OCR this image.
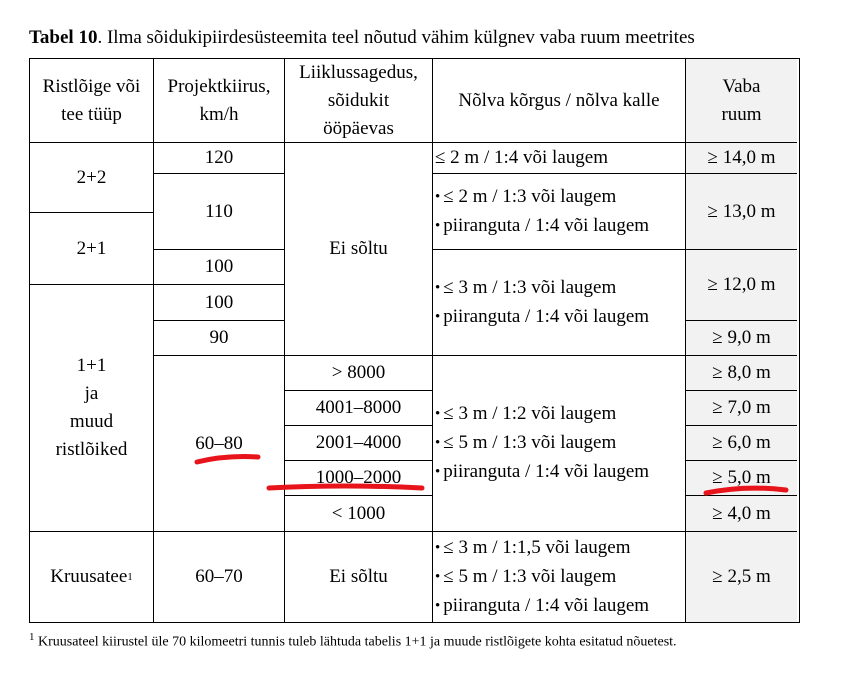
Tabel 10. Ilma sõidukipiirdesüsteemita teel nõutud vähim külgnev vaba ruum meetrites
Ristlõige või
tee tüüp
Projektkiirus,
km/h
Liiklussagedus,
sõidukit
ööpäevas
Nõlva kõrgus / nõlva kalle
Vaba
ruum
2+2
2+1
1+1
ja
muud
ristlõiked
Kruusatee 1
120
110
100
100
90
60–80
60–70
Ei sõltu
> 8000
4001–8000
2001–4000
1000–2000
< 1000
Ei sõltu
≤ 2 m / 1:4 või laugem
• ≤ 2 m / 1:3 või laugem
• piiranguta / 1:4 või laugem
• ≤ 3 m / 1:3 või laugem
• piiranguta / 1:4 või laugem
• ≤ 3 m / 1:2 või laugem
• ≤ 5 m / 1:3 või laugem
• piiranguta / 1:4 või laugem
• ≤ 3 m / 1:1,5 või laugem
• ≤ 5 m / 1:3 või laugem
• piiranguta / 1:4 või laugem
≥ 14,0 m
≥ 13,0 m
≥ 12,0 m
≥ 9,0 m
≥ 8,0 m
≥ 7,0 m
≥ 6,0 m
≥ 5,0 m
≥ 4,0 m
≥ 2,5 m
$^1$ Kruusateel kiirustel üle 70 kilomeetri tunnis tuleb lähtuda tabelis 1+1 ja muude ristlõigete kohta esitatud nõuetest.
